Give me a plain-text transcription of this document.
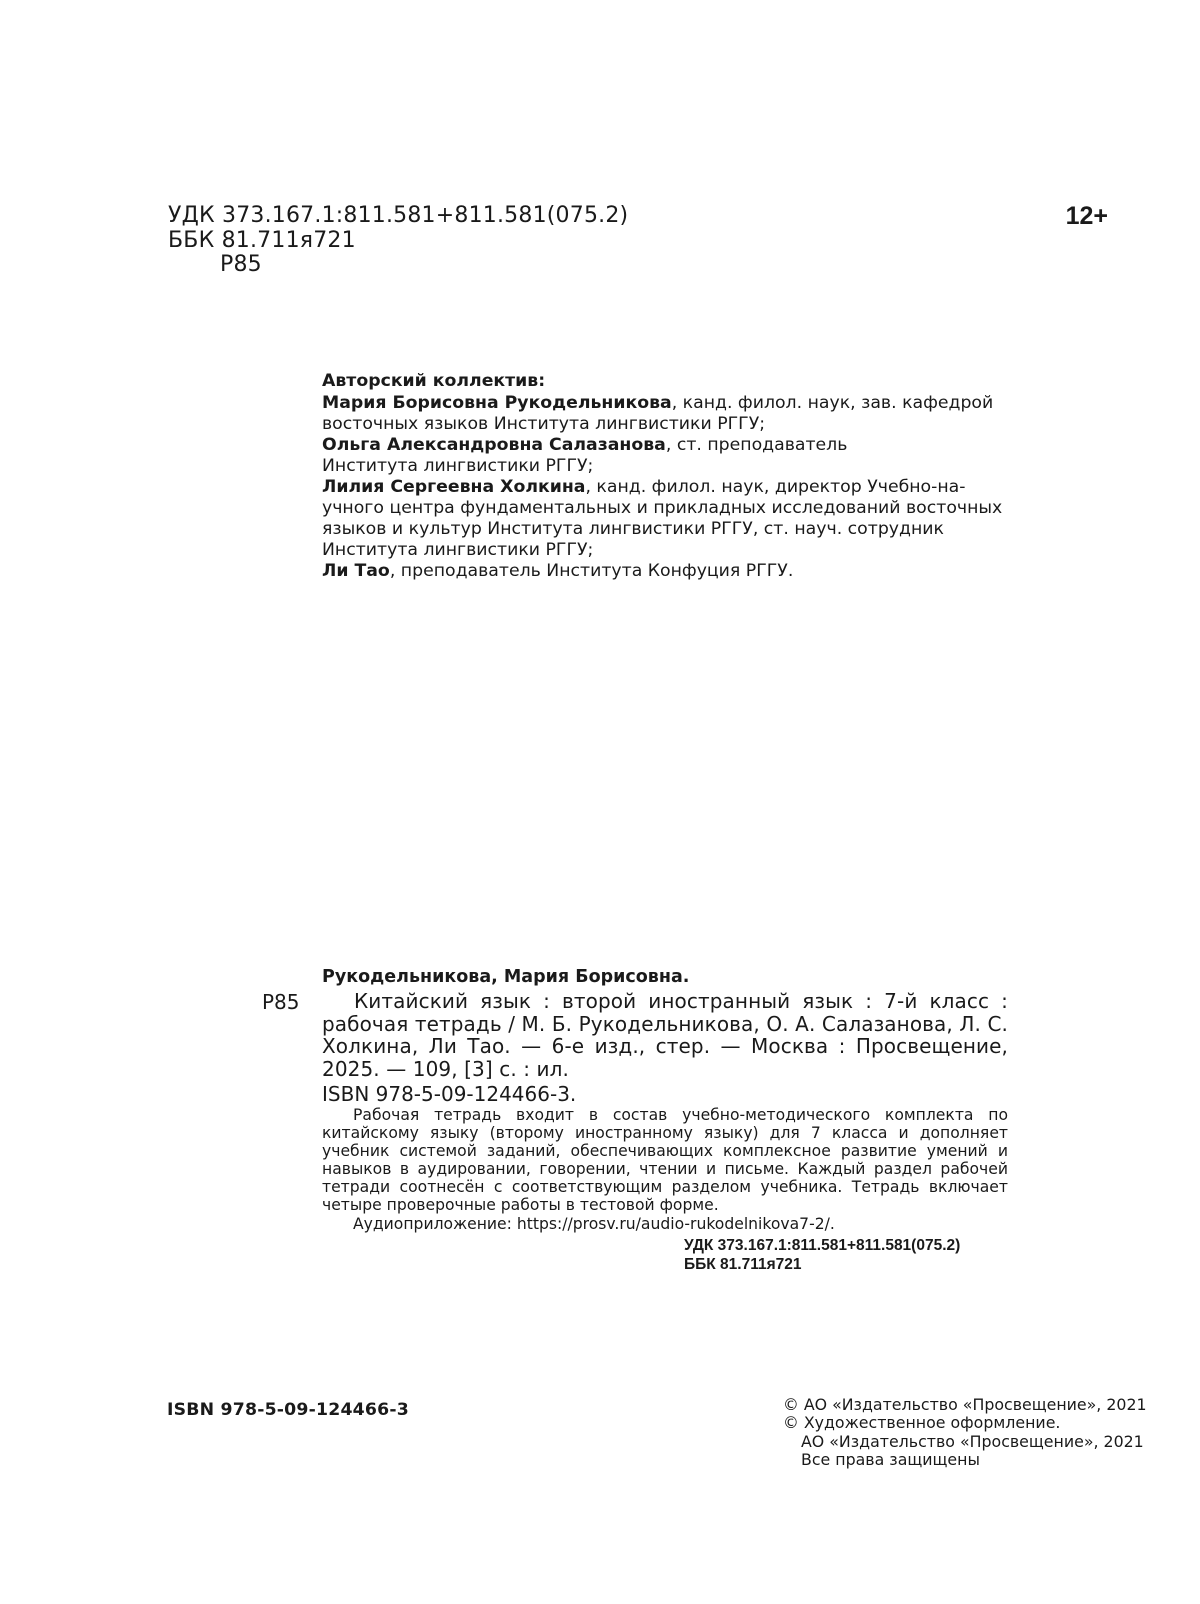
УДК 373.167.1:811.581+811.581(075.2)
ББК 81.711я721
Р85
12+

Авторский коллектив:

Мария Борисовна Рукодельникова, канд. филол. наук, зав. кафедрой
восточных языков Института лингвистики РГГУ;
Ольга Александровна Салазанова, ст. преподаватель
Института лингвистики РГГУ;
Лилия Сергеевна Холкина, канд. филол. наук, директор Учебно-на-
учного центра фундаментальных и прикладных исследований восточных
языков и культур Института лингвистики РГГУ, ст. науч. сотрудник
Института лингвистики РГГУ;
Ли Тао, преподаватель Института Конфуция РГГУ.
Р85
Рукодельникова, Мария Борисовна.
Китайский язык : второй иностранный язык : 7-й класс : рабочая тетрадь / М. Б. Рукодельникова, О. А. Салазанова, Л. С. Холкина, Ли Тао. — 6-е изд., стер. — Москва : Просвещение, 2025. — 109, [3] с. : ил.
ISBN 978-5-09-124466-3.
Рабочая тетрадь входит в состав учебно-методического комплекта по китайскому языку (второму иностранному языку) для 7 класса и дополняет учебник системой заданий, обеспечивающих комплексное развитие умений и навыков в аудировании, говорении, чтении и письме. Каждый раздел рабочей тетради соотнесён с соответствующим разделом учебника. Тетрадь включает четыре проверочные работы в тестовой форме.
Аудиоприложение: https://prosv.ru/audio-rukodelnikova7-2/.
УДК 373.167.1:811.581+811.581(075.2)
ББК 81.711я721
ISBN 978-5-09-124466-3	© АО «Издательство «Просвещение», 2021
© Художественное оформление.
АО «Издательство «Просвещение», 2021
Все права защищены
